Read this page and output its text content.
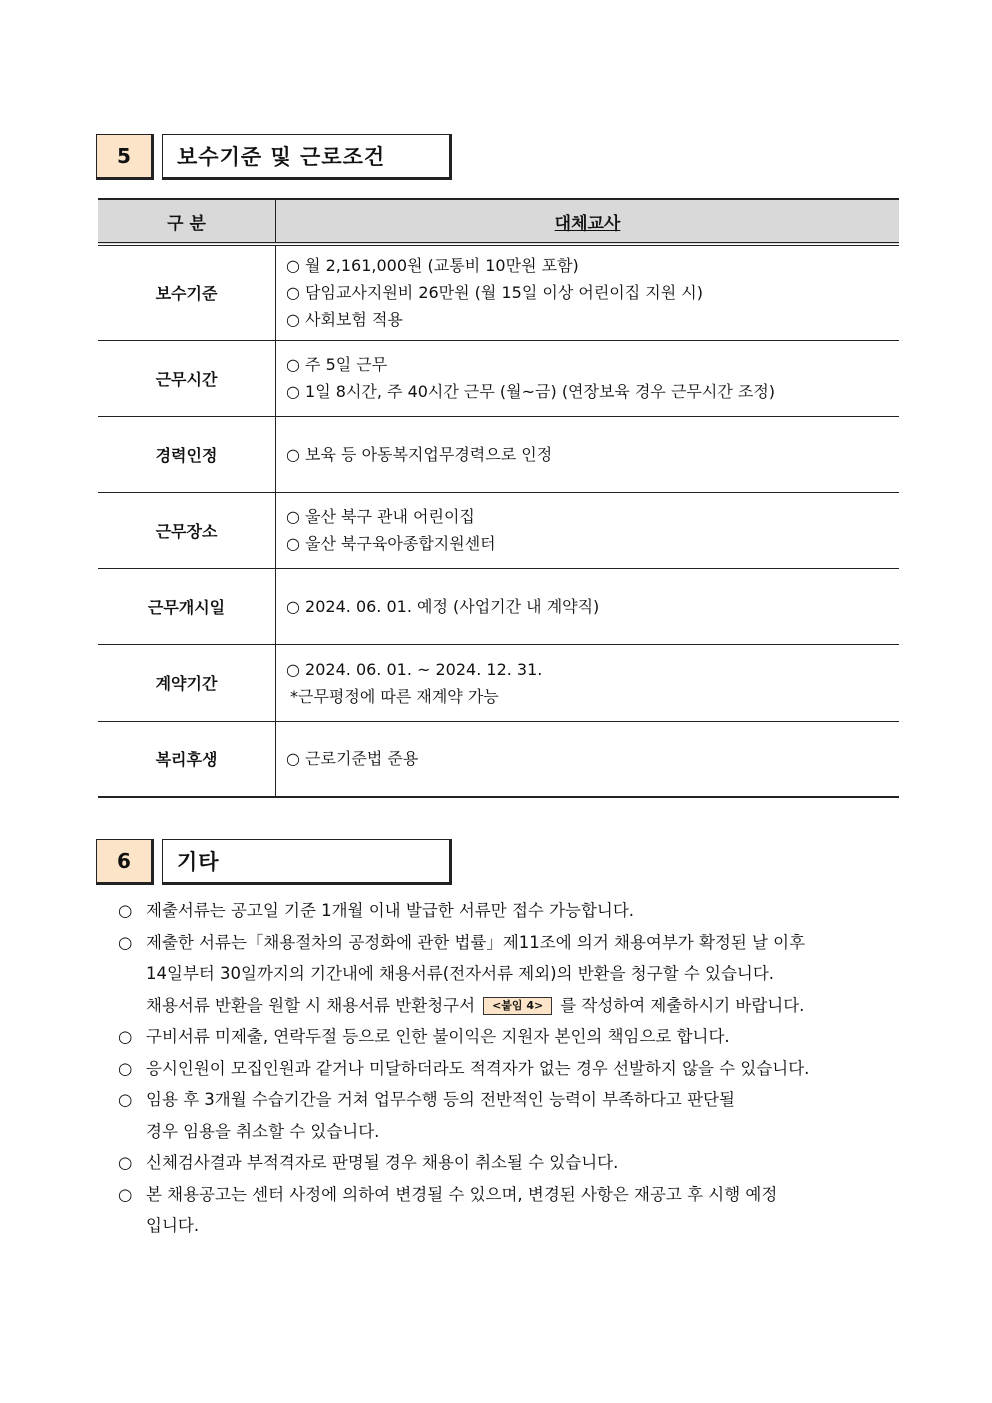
5	보수기준 및 근로조건
구 분	대체교사
보수기준	○ 월 2,161,000원 (교통비 10만원 포함)
○ 담임교사지원비 26만원 (월 15일 이상 어린이집 지원 시)
○ 사회보험 적용

근무시간	○ 주 5일 근무
○ 1일 8시간, 주 40시간 근무 (월~금) (연장보육 경우 근무시간 조정)

경력인정	○ 보육 등 아동복지업무경력으로 인정

근무장소	○ 울산 북구 관내 어린이집
○ 울산 북구육아종합지원센터

근무개시일	○ 2024. 06. 01. 예정 (사업기간 내 계약직)

계약기간	○ 2024. 06. 01. ~ 2024. 12. 31.
*근무평정에 따른 재계약 가능

복리후생	○ 근로기준법 준용
6	기타
○ 제출서류는 공고일 기준 1개월 이내 발급한 서류만 접수 가능합니다.
○ 제출한 서류는「채용절차의 공정화에 관한 법률」제11조에 의거 채용여부가 확정된 날 이후
14일부터 30일까지의 기간내에 채용서류(전자서류 제외)의 반환을 청구할 수 있습니다.
채용서류 반환을 원할 시 채용서류 반환청구서 <붙임 4> 를 작성하여 제출하시기 바랍니다.
○ 구비서류 미제출, 연락두절 등으로 인한 불이익은 지원자 본인의 책임으로 합니다.
○ 응시인원이 모집인원과 같거나 미달하더라도 적격자가 없는 경우 선발하지 않을 수 있습니다.
○ 임용 후 3개월 수습기간을 거쳐 업무수행 등의 전반적인 능력이 부족하다고 판단될
경우 임용을 취소할 수 있습니다.
○ 신체검사결과 부적격자로 판명될 경우 채용이 취소될 수 있습니다.
○ 본 채용공고는 센터 사정에 의하여 변경될 수 있으며, 변경된 사항은 재공고 후 시행 예정
입니다.
